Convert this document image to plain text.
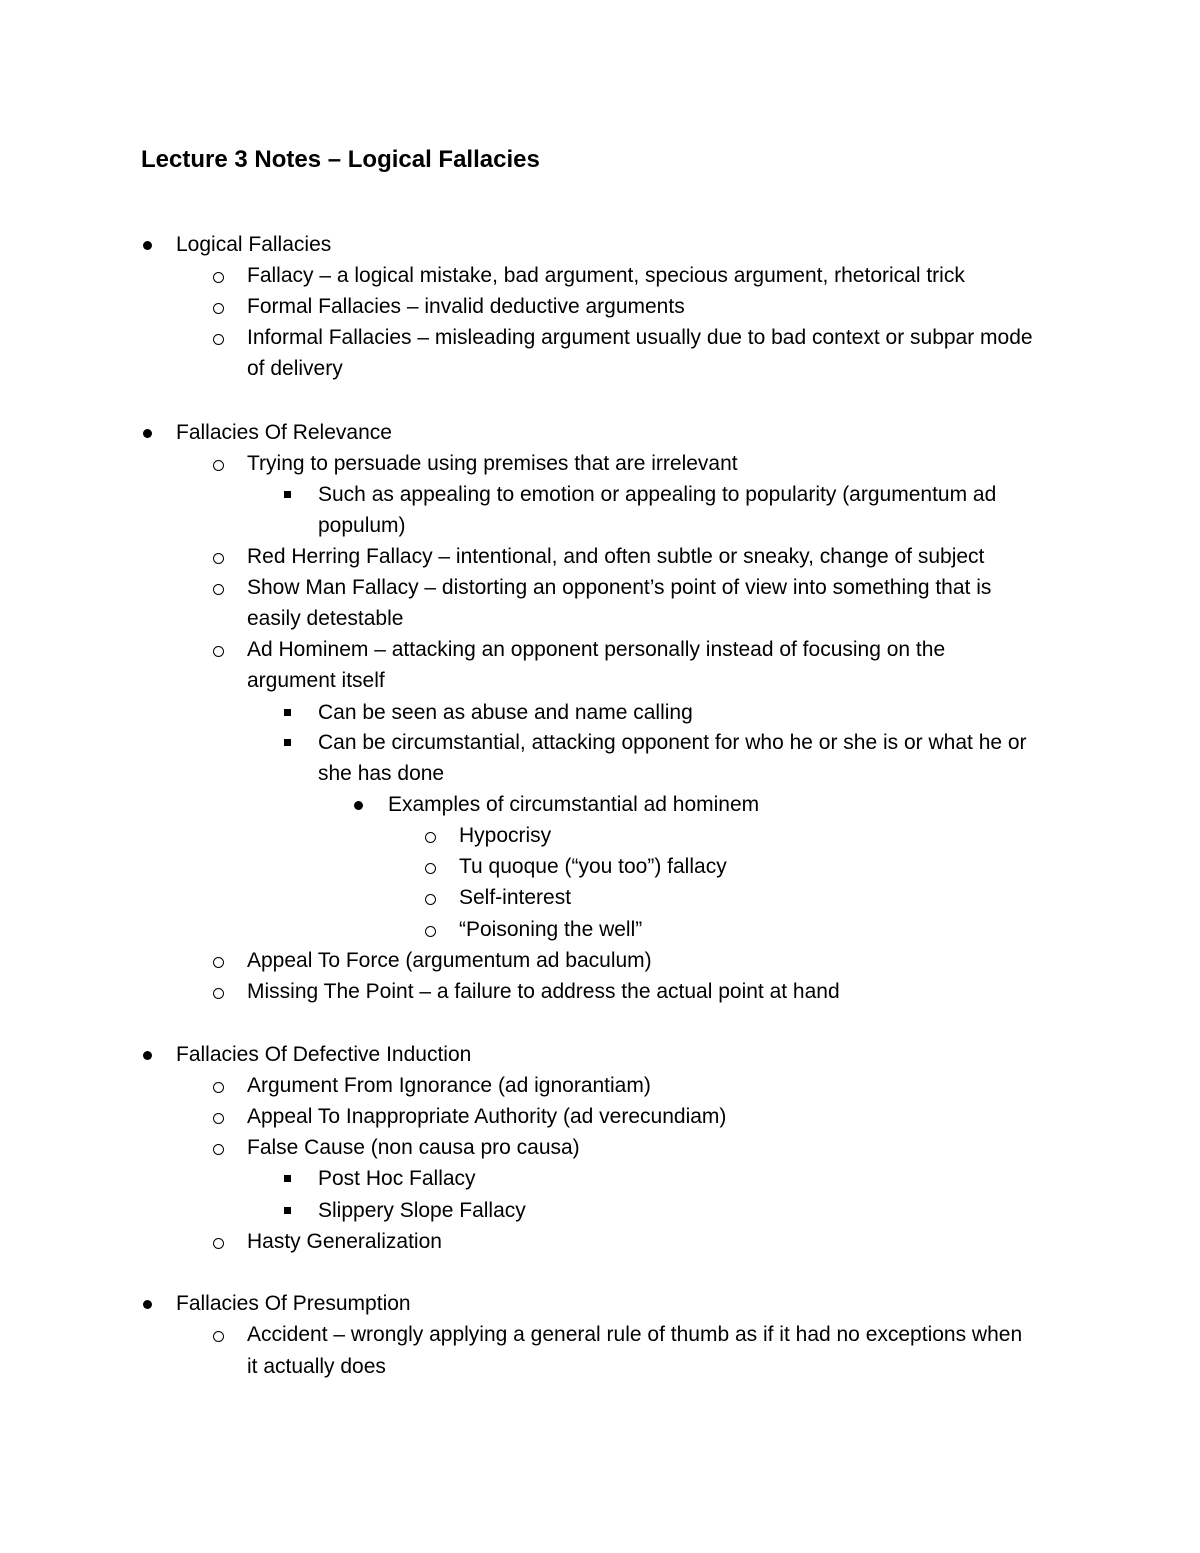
Lecture 3 Notes – Logical Fallacies
Logical Fallacies
Fallacy – a logical mistake, bad argument, specious argument, rhetorical trick
Formal Fallacies – invalid deductive arguments
Informal Fallacies – misleading argument usually due to bad context or subpar mode
of delivery
Fallacies Of Relevance
Trying to persuade using premises that are irrelevant
Such as appealing to emotion or appealing to popularity (argumentum ad
populum)
Red Herring Fallacy – intentional, and often subtle or sneaky, change of subject
Show Man Fallacy – distorting an opponent’s point of view into something that is
easily detestable
Ad Hominem – attacking an opponent personally instead of focusing on the
argument itself
Can be seen as abuse and name calling
Can be circumstantial, attacking opponent for who he or she is or what he or
she has done
Examples of circumstantial ad hominem
Hypocrisy
Tu quoque (“you too”) fallacy
Self-interest
“Poisoning the well”
Appeal To Force (argumentum ad baculum)
Missing The Point – a failure to address the actual point at hand
Fallacies Of Defective Induction
Argument From Ignorance (ad ignorantiam)
Appeal To Inappropriate Authority (ad verecundiam)
False Cause (non causa pro causa)
Post Hoc Fallacy
Slippery Slope Fallacy
Hasty Generalization
Fallacies Of Presumption
Accident – wrongly applying a general rule of thumb as if it had no exceptions when
it actually does
